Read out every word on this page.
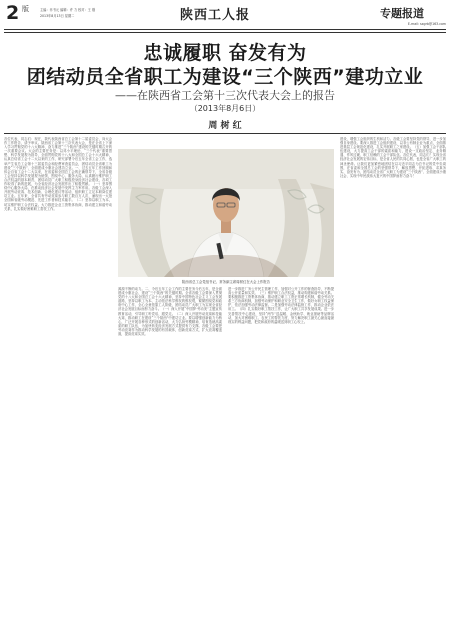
2 版	主编：乔书元 编辑：许 力 校对：王 刚
2013年8月13日 星期二	陕西工人报	专题报道
E-mail: sxgrb@163.com
忠诚履职 奋发有为
团结动员全省职工为建设“三个陕西”建功立业
——在陕西省工会第十三次代表大会上的报告
（2013年8月6日）
周 树 红
各位代表，同志们：现在，我代表陕西省总工会第十二届委员会，向大会作工作报告，请予审议。陕西省工会第十三次代表大会，是在全省上下深入学习贯彻党的十八大精神、奋力推进“三个陕西”建设的关键时期召开的一次重要会议。大会的主要任务是：以邓小平理论、“三个代表”重要思想、科学发展观为指导，全面贯彻党的十八大和全国总工会十六大精神，认真总结省工会十二大以来的工作，研究部署今后五年全省工会工作，选举产生省总工会第十三届委员会和经费审查委员会，团结动员全省职工为建设“三个陕西”、全面建成小康社会建功立业。一、过去五年工作回顾和体会自省工会十二大以来，在省委和全国总工会的正确领导下，全省各级工会坚持以科学发展观为统领，围绕中心、服务大局，认真履行维护职工合法权益的基本职责，团结动员广大职工积极投身经济社会建设，各项工作取得了新的进展，为全省经济社会发展作出了积极贯献。（一）坚持围绕中心服务大局，在推动经济社会发展中发挥主力军作用。各级工会深入开展劳动竞赛、技术创新、合理化建议等活动，组织职工立足本职岗位建功立业。五年来，全省共有劳动竞赛参与职工数百万人次，涌现出一大批全国和省级劳动模范、先进工作者和技术能手。（二）坚持以职工为本，切实维护职工合法权益。大力推进企业工资集体协商，推动建立和谐劳动关系，扎实做好困难职工帮扶工作。
陕西省总工会党组书记、常务副主席周树红在大会上作报告
源源不断的动力。二、今后五年工会工作的主要任务今后五年，是全面建成小康社会、建设“三个陕西”的关键时期。全省各级工会要深入贯彻党的十八大和全国总工会十六大精神，坚持中国特色社会主义工会发展道路，坚持以职工为本、主动依法科学维权的维权观，紧紧围绕党和政府中心工作，全心全意依靠工人阶级，团结动员广大职工为实现全省经济社会发展目标而努力奋斗。（一）深入开展“中国梦·劳动美”主题宣传教育活动，引导职工听党话、跟党走。（二）深入开展劳动竞赛和技能大赛，推动职工在建设“三个陕西”中建功立业。要以增强创新能力为核心，广泛开展各种形式的创新活动，大力弘扬劳模精神，培育造就高素质的职工队伍，为加快转变经济发展方式提供有力支撑。各级工会要把劳动竞赛作为推动科学发展的有效载体，创新竞赛方式，扩大竞赛覆盖面，提高竞赛实效。
进一步推进厂务公开民主管理工作，加强对公开工作的督查指导，不断提高公开质量和实效。（三）维护职工合法权益，推动构建和谐劳动关系。要积极推进工资集体协商，推动建立职工工资正常增长机制，健全劳动关系三方协商机制，加强劳动保护和职业安全卫生工作，做好女职工权益保护，依法加强劳动法律监督。二是加强劳动法律监督工作，推动企业依法用工。（四）扎实做好职工帮扶工作，让广大职工共享发展成果。进一步完善帮扶中心建设，坚持“两节”送温暖、金秋助学、就业援助等品牌活动，加大对困难职工、农民工的帮扶力度，努力解决职工最关心最直接最现实的利益问题，把党和政府的温暖送到职工心坎上。
建设，增强工会组织的生机和活力。各级工会要坚持党的领导，进一步加强自身建设。要深入推进工会组织建设，以非公有制企业为重点，全面推进基层工会规范化建设，扎实开展职工之家建设。（五）加强工会干部队伍建设，大力提高工会干部的素质和能力，建设一支政治坚定、业务精通、作风过硬、职工信赖的工会干部队伍。各位代表，同志们！实现全省经济社会发展的宏伟目标，是全省人民的共同心愿，也是全省广大职工的神圣使命。让我们更加紧密地团结在以习近平同志为总书记的党中央周围，在省委和全国总工会的坚强领导下，解放思想、开拓进取、求真务实、奋发有为，团结动员全省广大职工为建设“三个陕西”、全面建成小康社会、实现中华民族伟大复兴的中国梦而努力奋斗！
